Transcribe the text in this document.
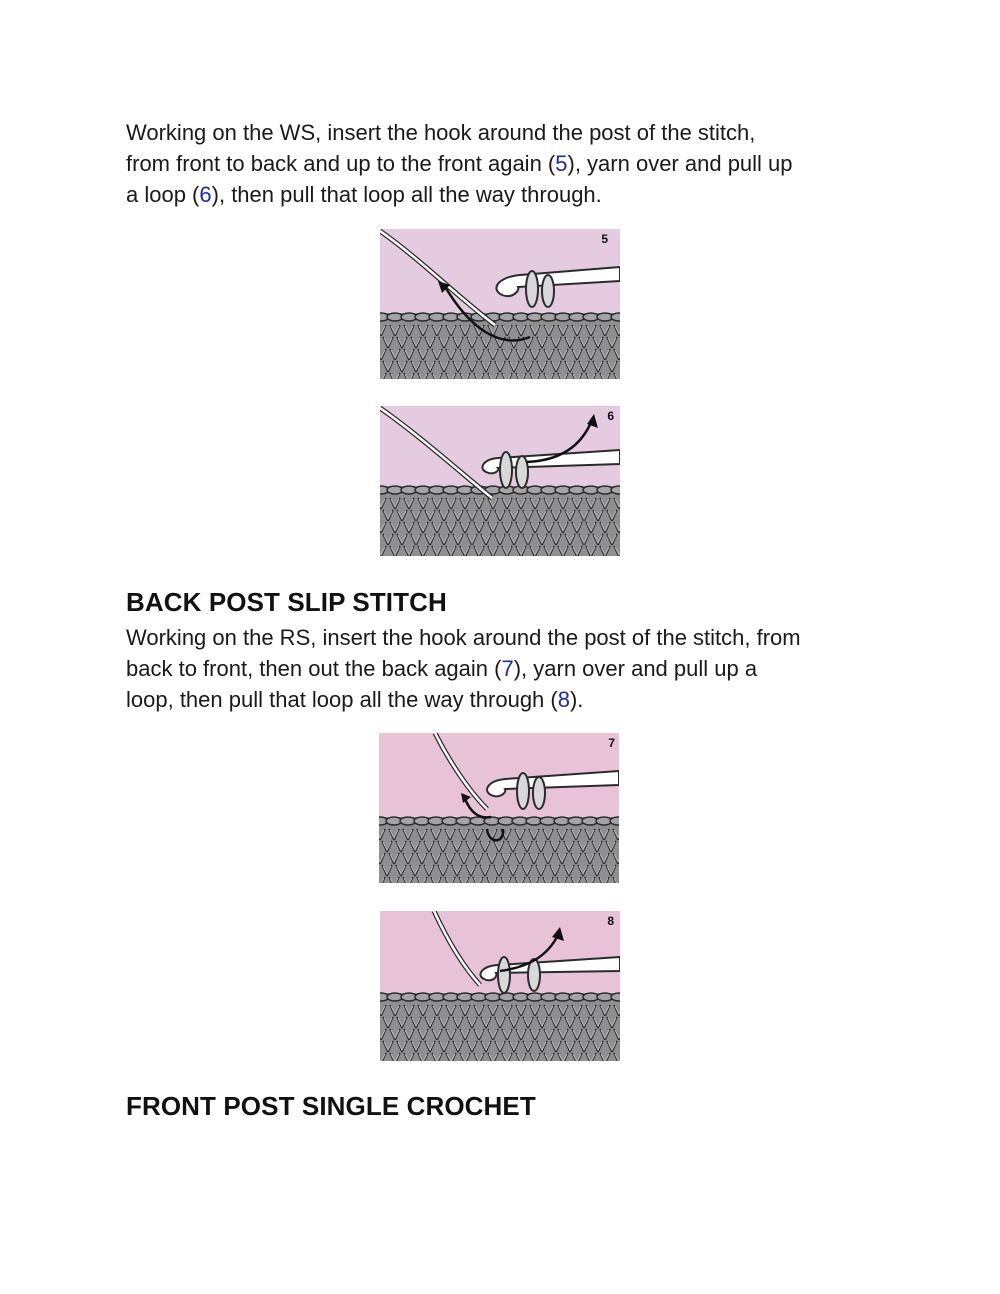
Working on the WS, insert the hook around the post of the stitch,
from front to back and up to the front again (5), yarn over and pull up
a loop (6), then pull that loop all the way through.

5
6
BACK POST SLIP STITCH

Working on the RS, insert the hook around the post of the stitch, from
back to front, then out the back again (7), yarn over and pull up a
loop, then pull that loop all the way through (8).

7
8
FRONT POST SINGLE CROCHET
